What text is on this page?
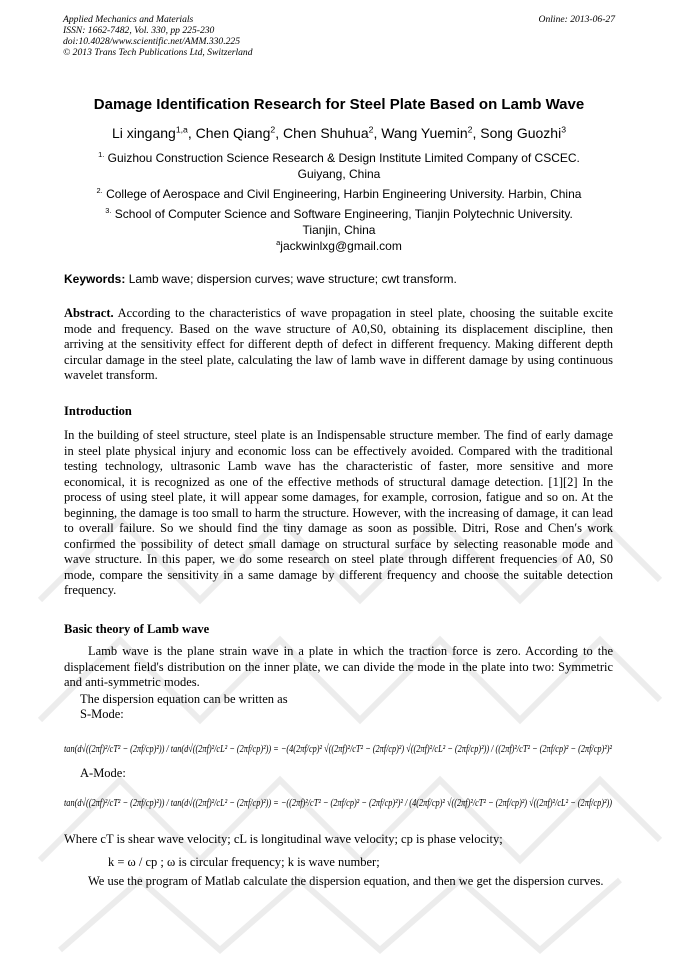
Applied Mechanics and Materials
ISSN: 1662-7482, Vol. 330, pp 225-230
doi:10.4028/www.scientific.net/AMM.330.225
© 2013 Trans Tech Publications Ltd, Switzerland
Online: 2013-06-27
Damage Identification Research for Steel Plate Based on Lamb Wave
Li xingang$^{1,a}$, Chen Qiang$^2$, Chen Shuhua$^2$, Wang Yuemin$^2$, Song Guozhi$^3$
$^{1.}$ Guizhou Construction Science Research & Design Institute Limited Company of CSCEC.
Guiyang, China
$^{2.}$ College of Aerospace and Civil Engineering, Harbin Engineering University. Harbin, China
$^{3.}$ School of Computer Science and Software Engineering, Tianjin Polytechnic University.
Tianjin, China
$^a$jackwinlxg@gmail.com
Keywords: Lamb wave; dispersion curves; wave structure; cwt transform.
Abstract. According to the characteristics of wave propagation in steel plate, choosing the suitable excite mode and frequency. Based on the wave structure of A0,S0, obtaining its displacement discipline, then arriving at the sensitivity effect for different depth of defect in different frequency. Making different depth circular damage in the steel plate, calculating the law of lamb wave in different damage by using continuous wavelet transform.
Introduction
In the building of steel structure, steel plate is an Indispensable structure member. The find of early damage in steel plate physical injury and economic loss can be effectively avoided. Compared with the traditional testing technology, ultrasonic Lamb wave has the characteristic of faster, more sensitive and more economical, it is recognized as one of the effective methods of structural damage detection. [1][2] In the process of using steel plate, it will appear some damages, for example, corrosion, fatigue and so on. At the beginning, the damage is too small to harm the structure. However, with the increasing of damage, it can lead to overall failure. So we should find the tiny damage as soon as possible. Ditri, Rose and Chen′s work confirmed the possibility of detect small damage on structural surface by selecting reasonable mode and wave structure. In this paper, we do some research on steel plate through different frequencies of A0, S0 mode, compare the sensitivity in a same damage by different frequency and choose the suitable detection frequency.
Basic theory of Lamb wave
Lamb wave is the plane strain wave in a plate in which the traction force is zero. According to the displacement field's distribution on the inner plate, we can divide the mode in the plate into two: Symmetric and anti-symmetric modes.
The dispersion equation can be written as
S-Mode:
tan(d√((2πf)²/cT² − (2πf/cp)²)) / tan(d√((2πf)²/cL² − (2πf/cp)²)) = −(4(2πf/cp)² √((2πf)²/cT² − (2πf/cp)²) √((2πf)²/cL² − (2πf/cp)²)) / ((2πf)²/cT² − (2πf/cp)² − (2πf/cp)²)²
A-Mode:
tan(d√((2πf)²/cT² − (2πf/cp)²)) / tan(d√((2πf)²/cL² − (2πf/cp)²)) = −((2πf)²/cT² − (2πf/cp)² − (2πf/cp)²)² / (4(2πf/cp)² √((2πf)²/cT² − (2πf/cp)²) √((2πf)²/cL² − (2πf/cp)²))
Where cT is shear wave velocity; cL is longitudinal wave velocity; cp is phase velocity;
k = ω / cp ; ω is circular frequency; k is wave number;
We use the program of Matlab calculate the dispersion equation, and then we get the dispersion curves.
